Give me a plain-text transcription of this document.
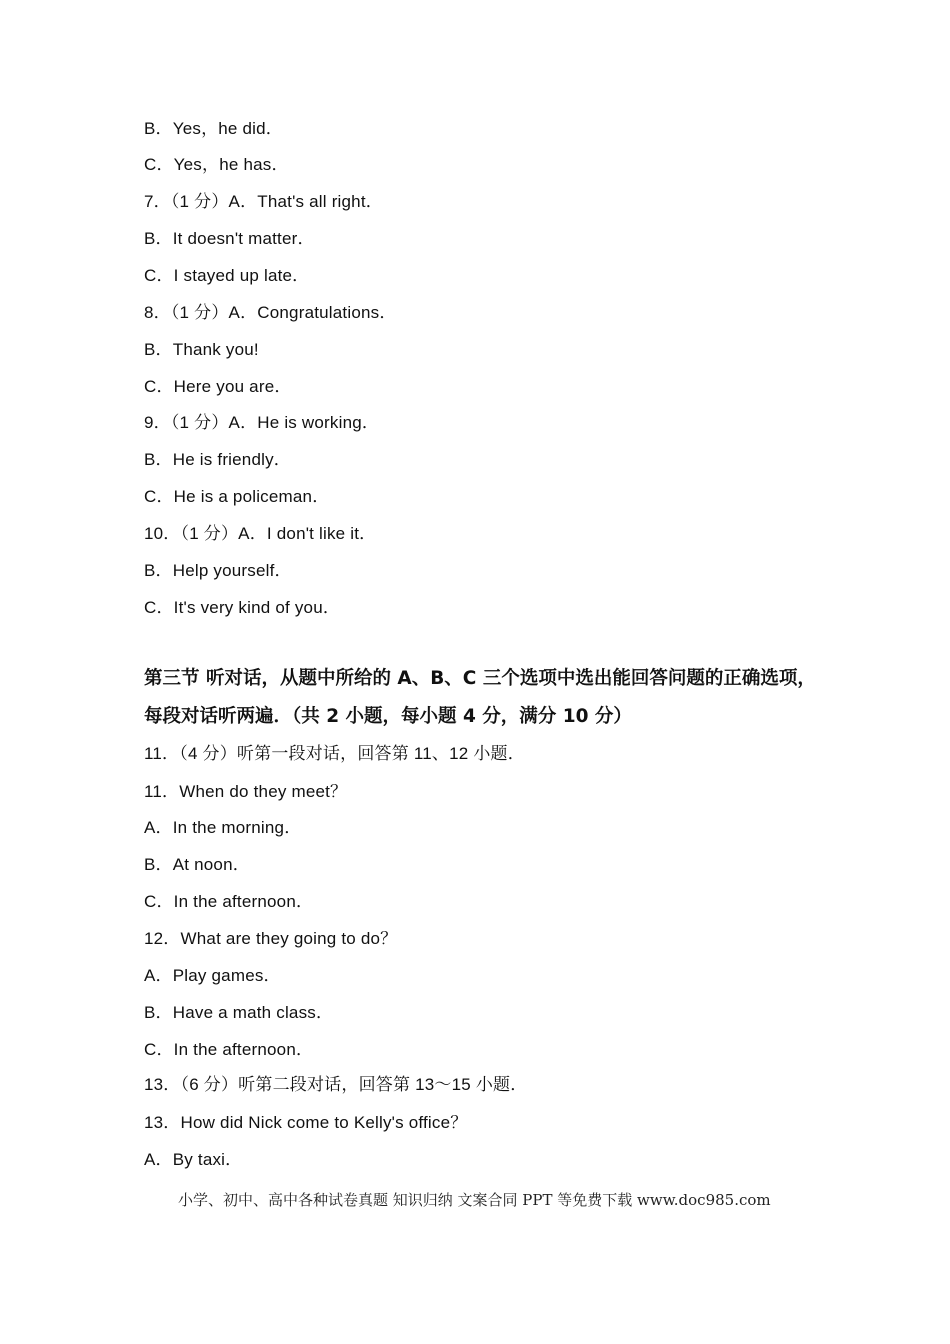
B．Yes，he did．
C．Yes，he has．
7．（1 分）A．That's all right．
B．It doesn't matter．
C．I stayed up late．
8．（1 分）A．Congratulations．
B．Thank you!
C．Here you are．
9．（1 分）A．He is working．
B．He is friendly．
C．He is a policeman．
10．（1 分）A．I don't like it．
B．Help yourself．
C．It's very kind of you．
第三节 听对话，从题中所给的 A、B、C 三个选项中选出能回答问题的正确选项，
每段对话听两遍．（共 2 小题，每小题 4 分，满分 10 分）
11．（4 分）听第一段对话，回答第 11、12 小题．
11．When do they meet？
A．In the morning．
B．At noon．
C．In the afternoon．
12．What are they going to do？
A．Play games．
B．Have a math class．
C．In the afternoon．
13．（6 分）听第二段对话，回答第 13～15 小题．
13．How did Nick come to Kelly's office？
A．By taxi．
小学、初中、高中各种试卷真题 知识归纳 文案合同 PPT 等免费下载 www.doc985.com
